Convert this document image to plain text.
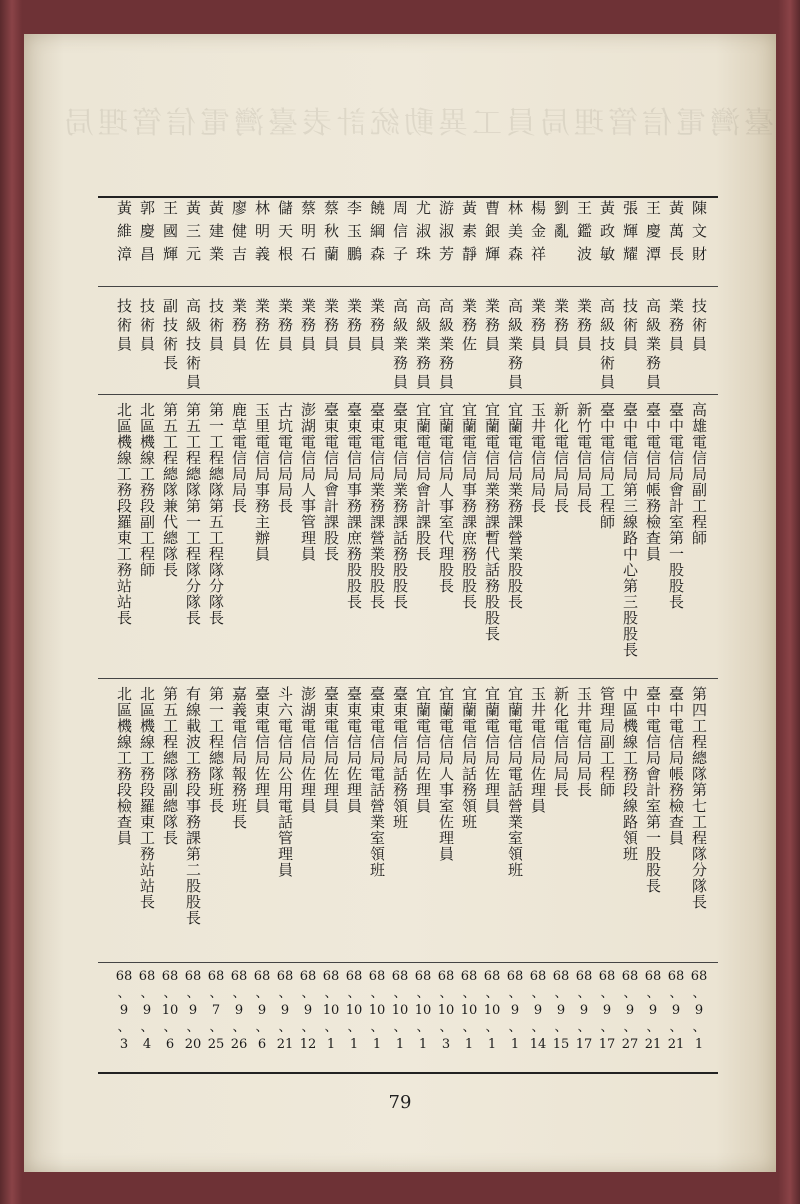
臺灣電信管理局員工異動統計表臺灣電信管理局
陳文財
技術員
高雄電信局副工程師
第四工程總隊第七工程隊分隊長
68
、
9
、
1
黃萬長
業務員
臺中電信局會計室第一股股長
臺中電信局帳務檢查員
68
、
9
、
21
王慶潭
高級業務員
臺中電信局帳務檢查員
臺中電信局會計室第一股股長
68
、
9
、
21
張輝耀
技術員
臺中電信局第三線路中心第三股股長
中區機線工務段線路領班
68
、
9
、
27
黃政敏
高級技術員
臺中電信局工程師
管理局副工程師
68
、
9
、
17
王鑑波
業務員
新竹電信局局長
玉井電信局局長
68
、
9
、
17
劉亂
業務員
新化電信局局長
新化電信局局長
68
、
9
、
15
楊金祥
業務員
玉井電信局局長
玉井電信局佐理員
68
、
9
、
14
林美森
高級業務員
宜蘭電信局業務課營業股股長
宜蘭電信局電話營業室領班
68
、
9
、
1
曹銀輝
業務員
宜蘭電信局業務課暫代話務股股長
宜蘭電信局佐理員
68
、
10
、
1
黃素靜
業務佐
宜蘭電信局事務課庶務股股長
宜蘭電信局話務領班
68
、
10
、
1
游淑芳
高級業務員
宜蘭電信局人事室代理股長
宜蘭電信局人事室佐理員
68
、
10
、
3
尤淑珠
高級業務員
宜蘭電信局會計課股長
宜蘭電信局佐理員
68
、
10
、
1
周信子
高級業務員
臺東電信局業務課話務股股長
臺東電信局話務領班
68
、
10
、
1
饒綱森
業務員
臺東電信局業務課營業股股長
臺東電信局電話營業室領班
68
、
10
、
1
李玉鵬
業務員
臺東電信局事務課庶務股股長
臺東電信局佐理員
68
、
10
、
1
蔡秋蘭
業務員
臺東電信局會計課股長
臺東電信局佐理員
68
、
10
、
1
蔡明石
業務員
澎湖電信局人事管理員
澎湖電信局佐理員
68
、
9
、
12
儲天根
業務員
古坑電信局局長
斗六電信局公用電話管理員
68
、
9
、
21
林明義
業務佐
玉里電信局事務主辦員
臺東電信局佐理員
68
、
9
、
6
廖健吉
業務員
鹿草電信局局長
嘉義電信局報務班長
68
、
9
、
26
黃建業
技術員
第一工程總隊第五工程隊分隊長
第一工程總隊班長
68
、
7
、
25
黃三元
高級技術員
第五工程總隊第一工程隊分隊長
有線載波工務段事務課第二股股長
68
、
9
、
20
王國輝
副技術長
第五工程總隊兼代總隊長
第五工程總隊副總隊長
68
、
10
、
6
郭慶昌
技術員
北區機線工務段副工程師
北區機線工務段羅東工務站站長
68
、
9
、
4
黃維漳
技術員
北區機線工務段羅東工務站站長
北區機線工務段檢查員
68
、
9
、
3
79
